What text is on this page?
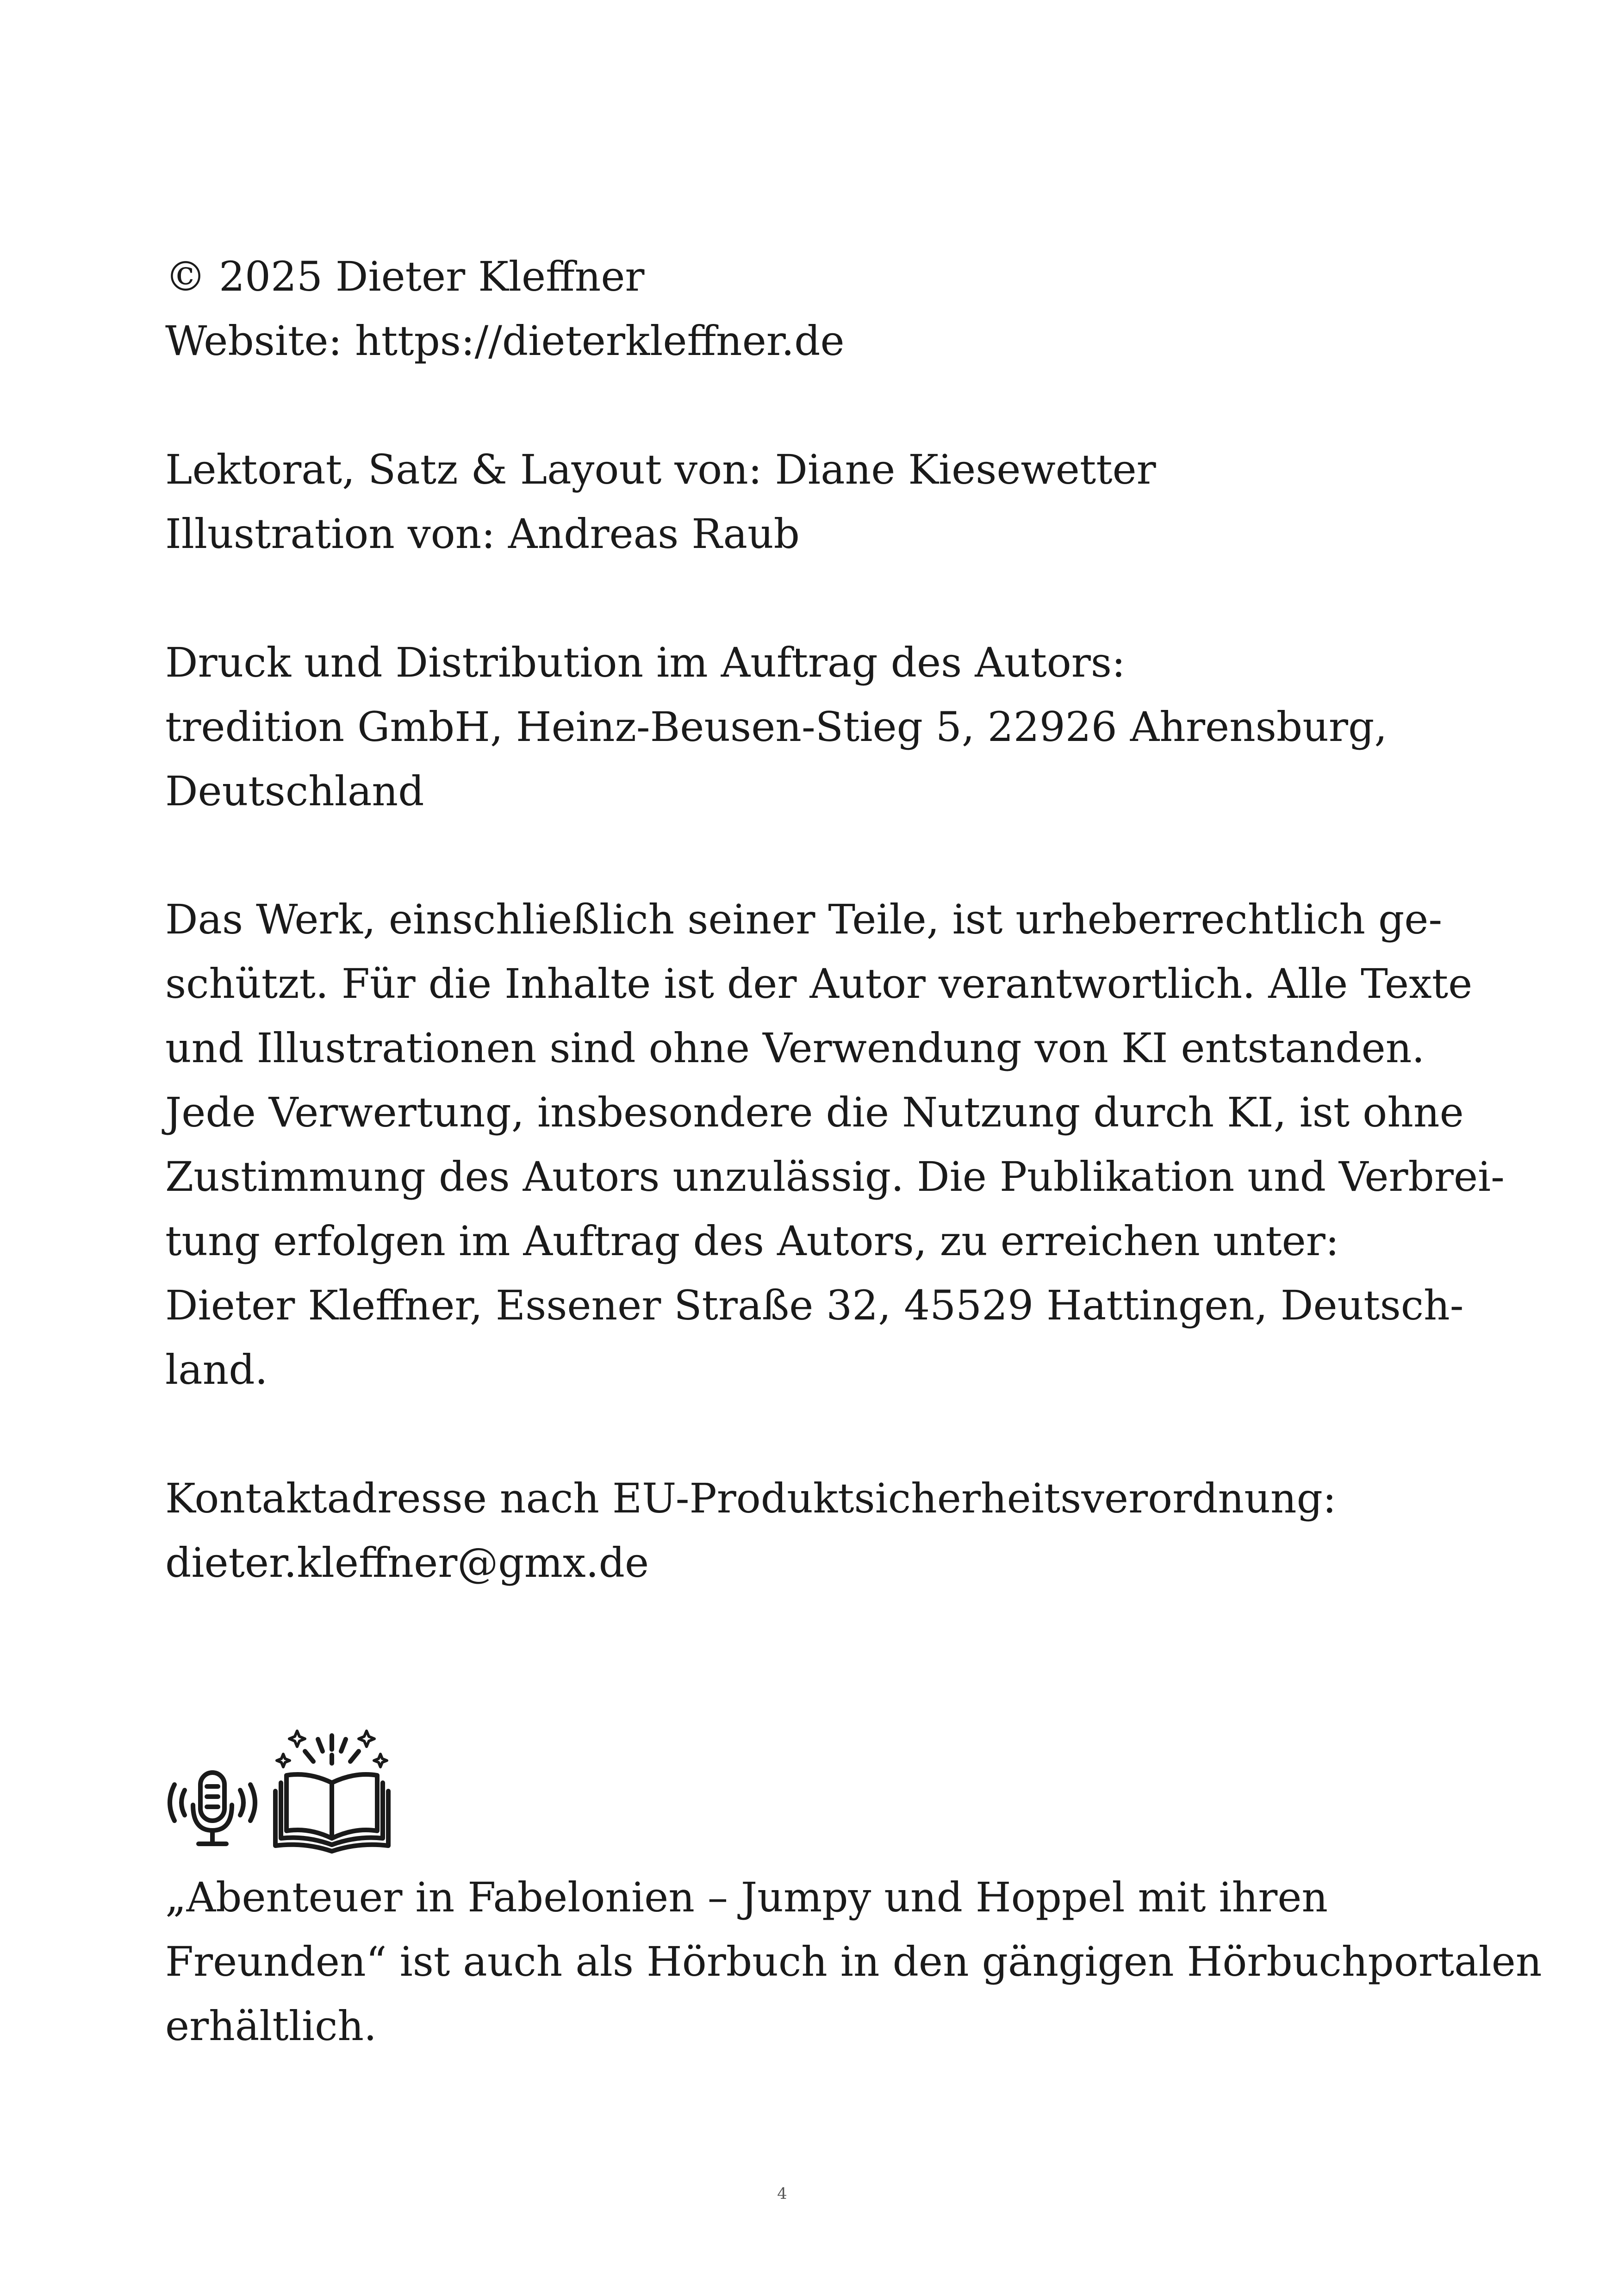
© 2025 Dieter Kleffner
Website: https://dieterkleffner.de
Lektorat, Satz & Layout von: Diane Kiesewetter
Illustration von: Andreas Raub
Druck und Distribution im Auftrag des Autors:
tredition GmbH, Heinz-Beusen-Stieg 5, 22926 Ahrensburg,
Deutschland
Das Werk, einschließlich seiner Teile, ist urheberrechtlich ge-
schützt. Für die Inhalte ist der Autor verantwortlich. Alle Texte
und Illustrationen sind ohne Verwendung von KI entstanden.
Jede Verwertung, insbesondere die Nutzung durch KI, ist ohne
Zustimmung des Autors unzulässig. Die Publikation und Verbrei-
tung erfolgen im Auftrag des Autors, zu erreichen unter:
Dieter Kleffner, Essener Straße 32, 45529 Hattingen, Deutsch-
land.
Kontaktadresse nach EU-Produktsicherheitsverordnung:
dieter.kleffner@gmx.de
„Abenteuer in Fabelonien – Jumpy und Hoppel mit ihren
Freunden“ ist auch als Hörbuch in den gängigen Hörbuchportalen
erhältlich.
4
